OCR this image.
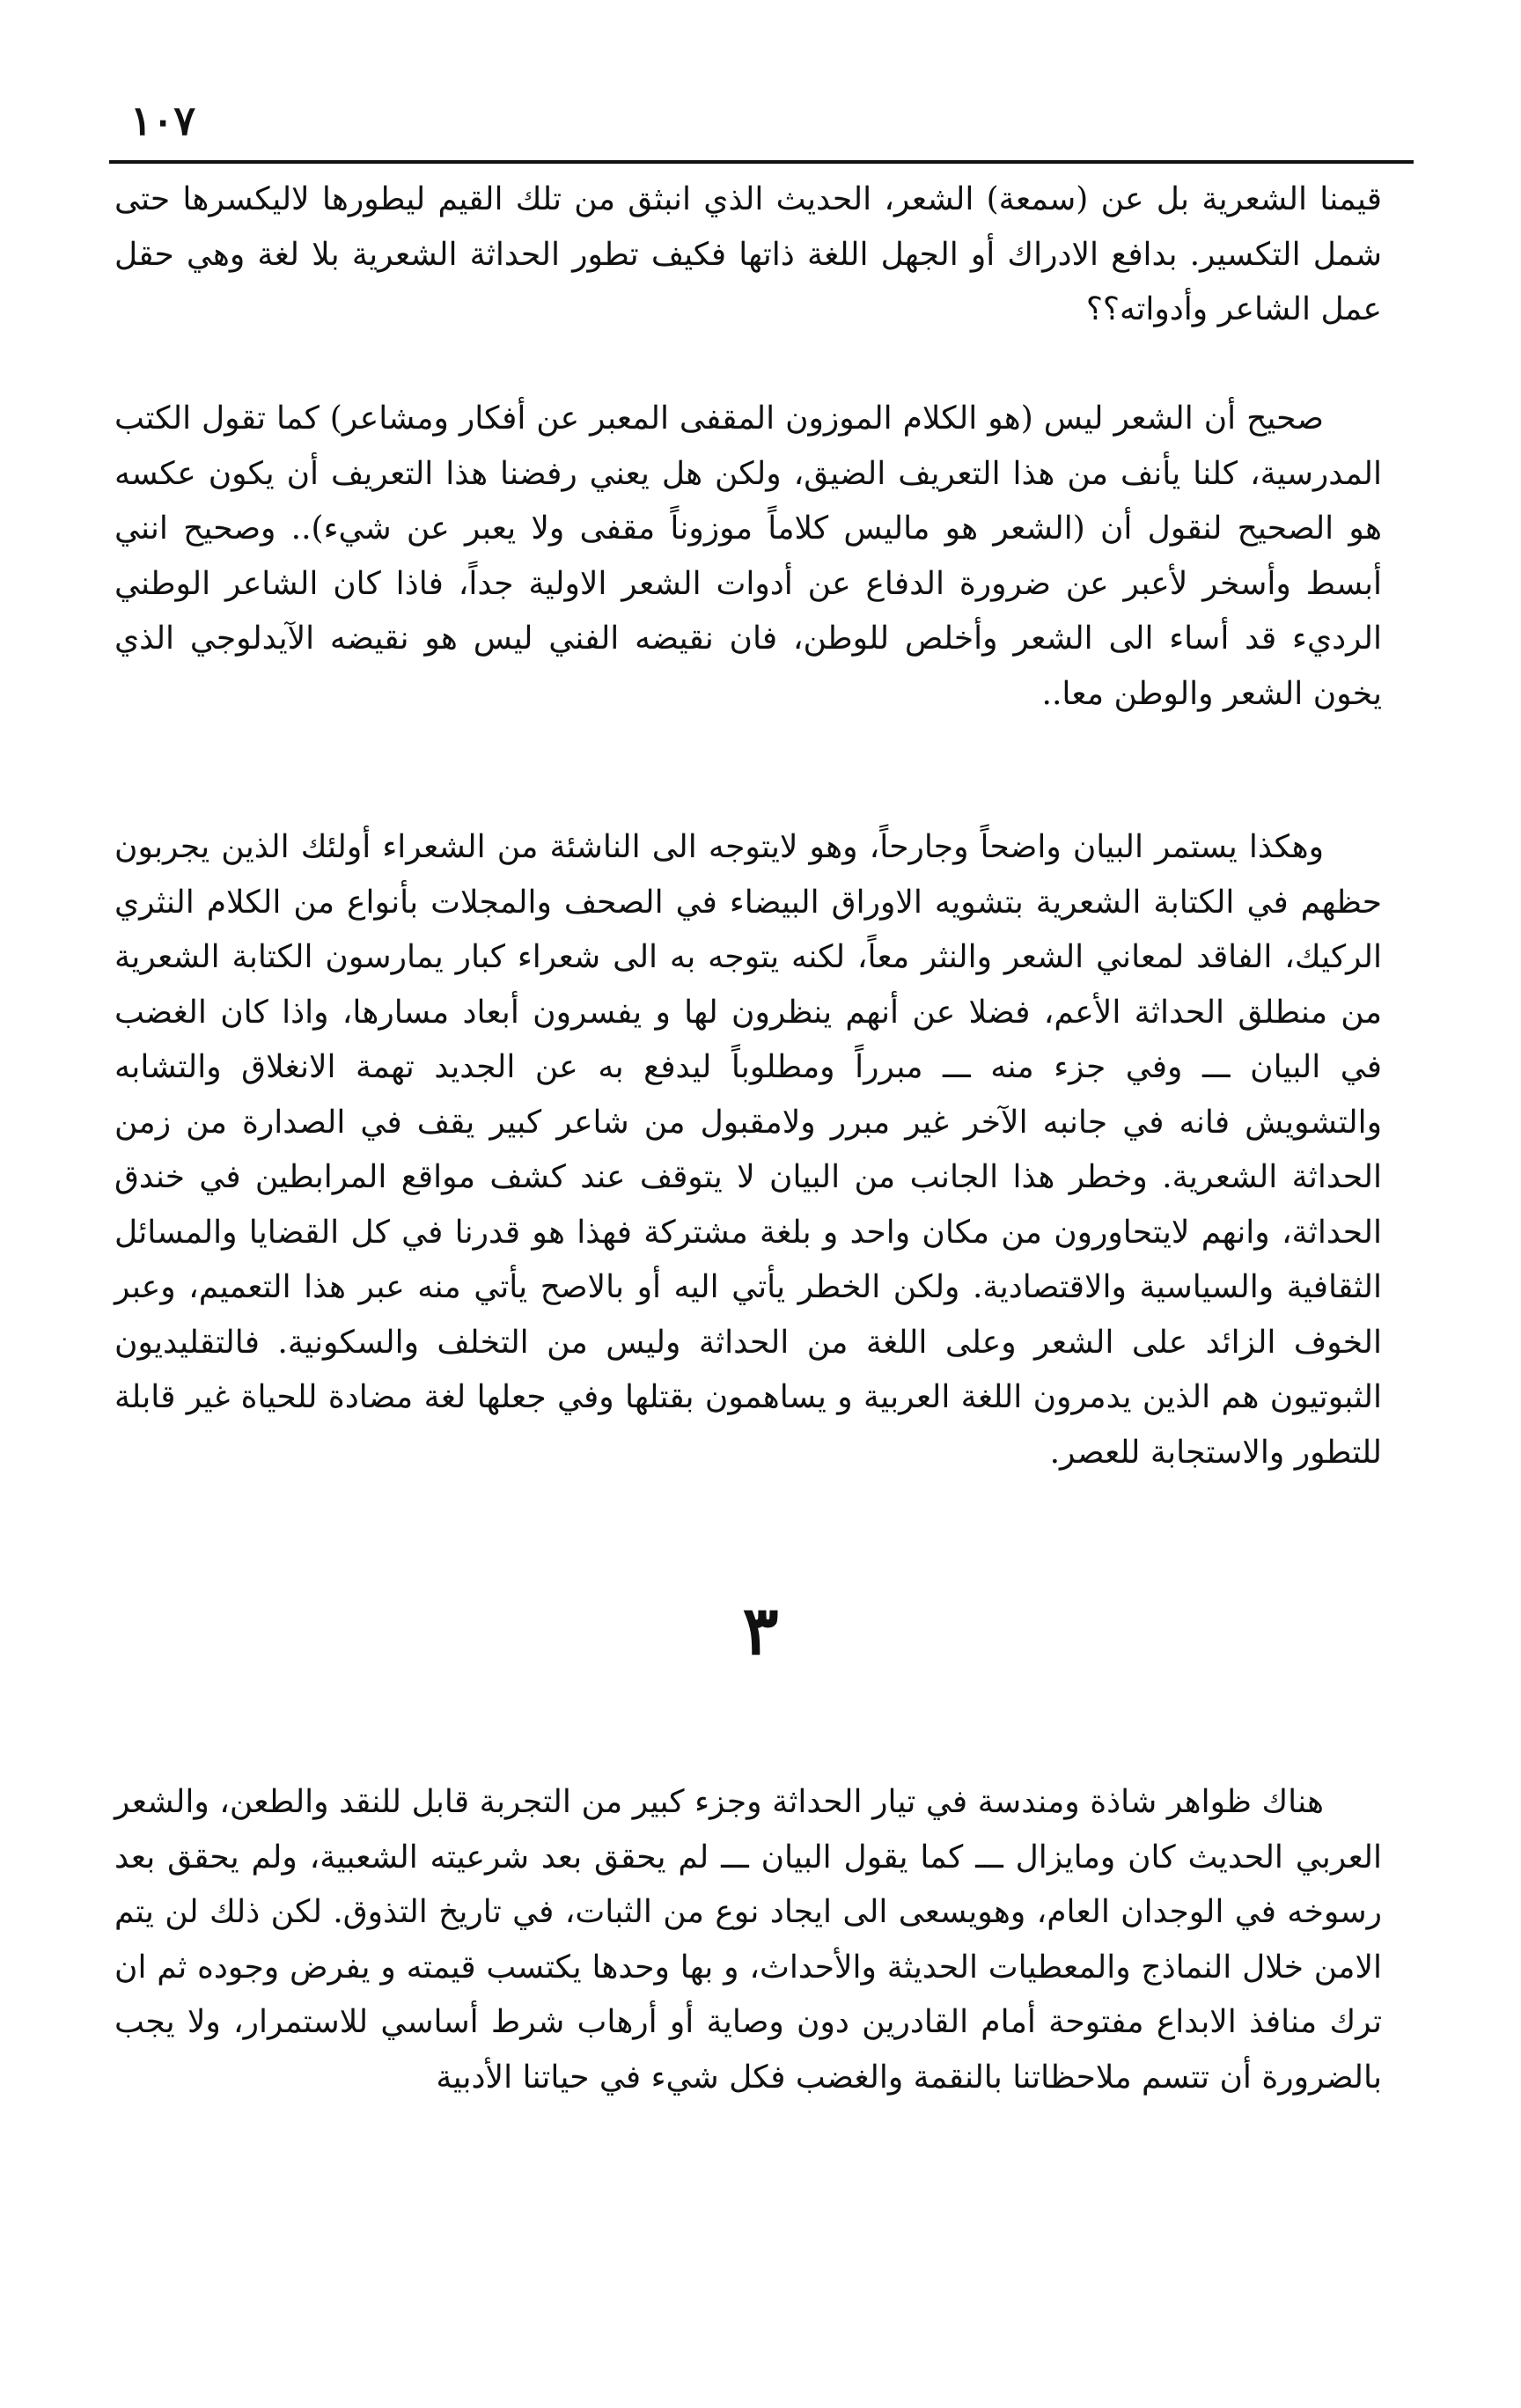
١٠٧

قيمنا الشعرية بل عن (سمعة) الشعر، الحديث الذي انبثق من تلك القيم ليطورها لاليكسرها حتى شمل التكسير. بدافع الادراك أو الجهل اللغة ذاتها فكيف تطور الحداثة الشعرية بلا لغة وهي حقل عمل الشاعر وأدواته؟؟

صحيح أن الشعر ليس (هو الكلام الموزون المقفى المعبر عن أفكار ومشاعر) كما تقول الكتب المدرسية، كلنا يأنف من هذا التعريف الضيق، ولكن هل يعني رفضنا هذا التعريف أن يكون عكسه هو الصحيح لنقول أن (الشعر هو ماليس كلاماً موزوناً مقفى ولا يعبر عن شيء).. وصحيح انني أبسط وأسخر لأعبر عن ضرورة الدفاع عن أدوات الشعر الاولية جداً، فاذا كان الشاعر الوطني الرديء قد أساء الى الشعر وأخلص للوطن، فان نقيضه الفني ليس هو نقيضه الآيدلوجي الذي يخون الشعر والوطن معا..

وهكذا يستمر البيان واضحاً وجارحاً، وهو لايتوجه الى الناشئة من الشعراء أولئك الذين يجربون حظهم في الكتابة الشعرية بتشويه الاوراق البيضاء في الصحف والمجلات بأنواع من الكلام النثري الركيك، الفاقد لمعاني الشعر والنثر معاً، لكنه يتوجه به الى شعراء كبار يمارسون الكتابة الشعرية من منطلق الحداثة الأعم، فضلا عن أنهم ينظرون لها و يفسرون أبعاد مسارها، واذا كان الغضب في البيان ـــ وفي جزء منه ـــ مبرراً ومطلوباً ليدفع به عن الجديد تهمة الانغلاق والتشابه والتشويش فانه في جانبه الآخر غير مبرر ولامقبول من شاعر كبير يقف في الصدارة من زمن الحداثة الشعرية. وخطر هذا الجانب من البيان لا يتوقف عند كشف مواقع المرابطين في خندق الحداثة، وانهم لايتحاورون من مكان واحد و بلغة مشتركة فهذا هو قدرنا في كل القضايا والمسائل الثقافية والسياسية والاقتصادية. ولكن الخطر يأتي اليه أو بالاصح يأتي منه عبر هذا التعميم، وعبر الخوف الزائد على الشعر وعلى اللغة من الحداثة وليس من التخلف والسكونية. فالتقليديون الثبوتيون هم الذين يدمرون اللغة العربية و يساهمون بقتلها وفي جعلها لغة مضادة للحياة غير قابلة للتطور والاستجابة للعصر.

٣

هناك ظواهر شاذة ومندسة في تيار الحداثة وجزء كبير من التجربة قابل للنقد والطعن، والشعر العربي الحديث كان ومايزال ـــ كما يقول البيان ـــ لم يحقق بعد شرعيته الشعبية، ولم يحقق بعد رسوخه في الوجدان العام، وهويسعى الى ايجاد نوع من الثبات، في تاريخ التذوق. لكن ذلك لن يتم الامن خلال النماذج والمعطيات الحديثة والأحداث، و بها وحدها يكتسب قيمته و يفرض وجوده ثم ان ترك منافذ الابداع مفتوحة أمام القادرين دون وصاية أو أرهاب شرط أساسي للاستمرار، ولا يجب بالضرورة أن تتسم ملاحظاتنا بالنقمة والغضب فكل شيء في حياتنا الأدبية
